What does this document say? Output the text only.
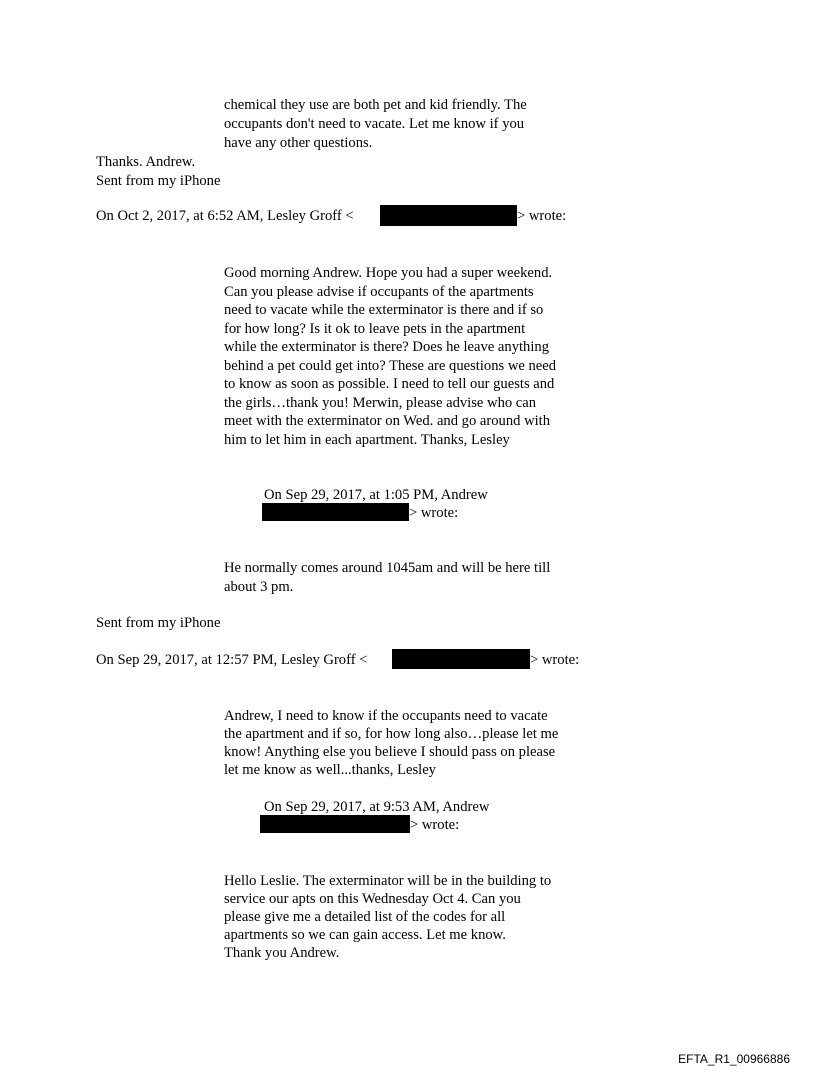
chemical they use are both pet and kid friendly. The
occupants don't need to vacate. Let me know if you
have any other questions.
Thanks. Andrew.
Sent from my iPhone
On Oct 2, 2017, at 6:52 AM, Lesley Groff <	> wrote:
Good morning Andrew. Hope you had a super weekend.
Can you please advise if occupants of the apartments
need to vacate while the exterminator is there and if so
for how long? Is it ok to leave pets in the apartment
while the exterminator is there? Does he leave anything
behind a pet could get into? These are questions we need
to know as soon as possible. I need to tell our guests and
the girls…thank you! Merwin, please advise who can
meet with the exterminator on Wed. and go around with
him to let him in each apartment. Thanks, Lesley
On Sep 29, 2017, at 1:05 PM, Andrew
> wrote:
He normally comes around 1045am and will be here till
about 3 pm.
Sent from my iPhone
On Sep 29, 2017, at 12:57 PM, Lesley Groff <	> wrote:
Andrew, I need to know if the occupants need to vacate
the apartment and if so, for how long also…please let me
know! Anything else you believe I should pass on please
let me know as well...thanks, Lesley
On Sep 29, 2017, at 9:53 AM, Andrew
> wrote:
Hello Leslie. The exterminator will be in the building to
service our apts on this Wednesday Oct 4. Can you
please give me a detailed list of the codes for all
apartments so we can gain access. Let me know.
Thank you Andrew.
EFTA_R1_00966886
